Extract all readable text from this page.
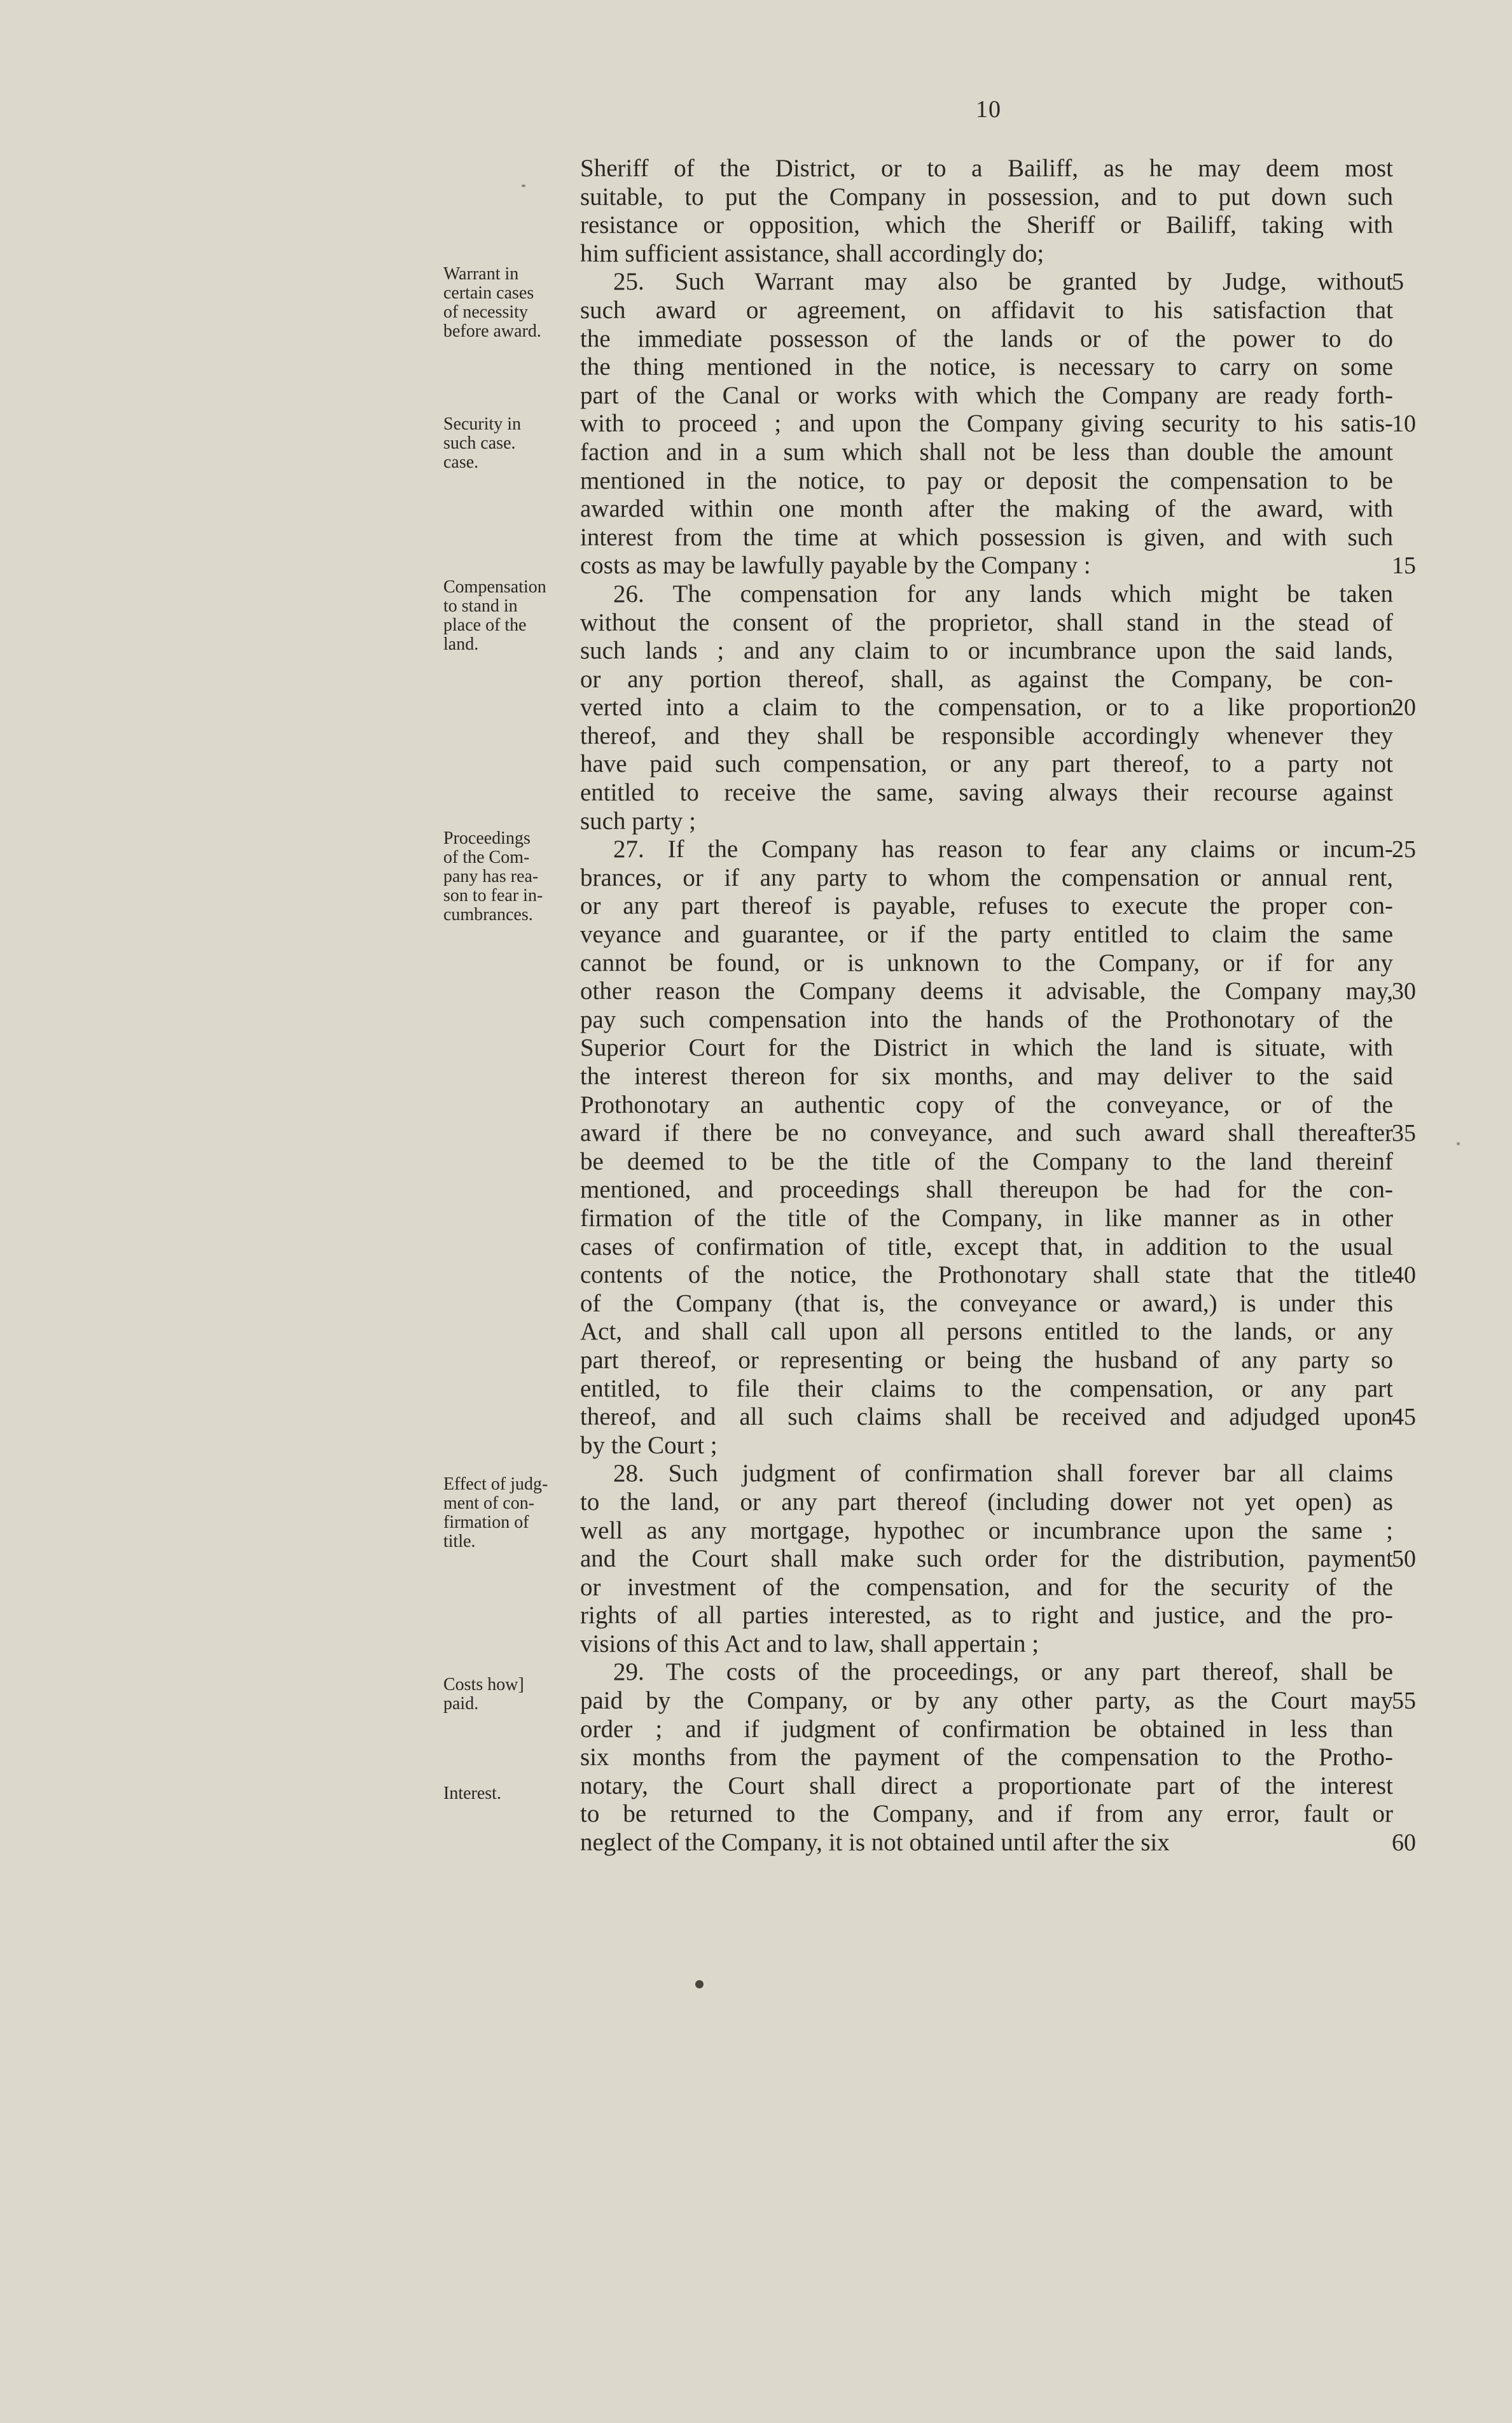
10
Warrant in
certain cases
of necessity
before award.
Security in
such case.
case.
Compensation
to stand in
place of the
land.
Proceedings
of the Com-
pany has rea-
son to fear in-
cumbrances.
Effect of judg-
ment of con-
firmation of
title.
Costs how]
paid.
Interest.
Sheriff of the District, or to a Bailiff, as he may deem most
suitable, to put the Company in possession, and to put down such
resistance or opposition, which the Sheriff or Bailiff, taking with
him sufficient assistance, shall accordingly do;
25. Such Warrant may also be granted by Judge, without
such award or agreement, on affidavit to his satisfaction that
the immediate possesson of the lands or of the power to do
the thing mentioned in the notice, is necessary to carry on some
part of the Canal or works with which the Company are ready forth-
with to proceed ; and upon the Company giving security to his satis-
faction and in a sum which shall not be less than double the amount
mentioned in the notice, to pay or deposit the compensation to be
awarded within one month after the making of the award, with
interest from the time at which possession is given, and with such
costs as may be lawfully payable by the Company :
26. The compensation for any lands which might be taken
without the consent of the proprietor, shall stand in the stead of
such lands ; and any claim to or incumbrance upon the said lands,
or any portion thereof, shall, as against the Company, be con-
verted into a claim to the compensation, or to a like proportion
thereof, and they shall be responsible accordingly whenever they
have paid such compensation, or any part thereof, to a party not
entitled to receive the same, saving always their recourse against
such party ;
27. If the Company has reason to fear any claims or incum-
brances, or if any party to whom the compensation or annual rent,
or any part thereof is payable, refuses to execute the proper con-
veyance and guarantee, or if the party entitled to claim the same
cannot be found, or is unknown to the Company, or if for any
other reason the Company deems it advisable, the Company may,
pay such compensation into the hands of the Prothonotary of the
Superior Court for the District in which the land is situate, with
the interest thereon for six months, and may deliver to the said
Prothonotary an authentic copy of the conveyance, or of the
award if there be no conveyance, and such award shall thereafter
be deemed to be the title of the Company to the land thereinf
mentioned, and proceedings shall thereupon be had for the con-
firmation of the title of the Company, in like manner as in other
cases of confirmation of title, except that, in addition to the usual
contents of the notice, the Prothonotary shall state that the title
of the Company (that is, the conveyance or award,) is under this
Act, and shall call upon all persons entitled to the lands, or any
part thereof, or representing or being the husband of any party so
entitled, to file their claims to the compensation, or any part
thereof, and all such claims shall be received and adjudged upon
by the Court ;
28. Such judgment of confirmation shall forever bar all claims
to the land, or any part thereof (including dower not yet open) as
well as any mortgage, hypothec or incumbrance upon the same ;
and the Court shall make such order for the distribution, payment
or investment of the compensation, and for the security of the
rights of all parties interested, as to right and justice, and the pro-
visions of this Act and to law, shall appertain ;
29. The costs of the proceedings, or any part thereof, shall be
paid by the Company, or by any other party, as the Court may
order ; and if judgment of confirmation be obtained in less than
six months from the payment of the compensation to the Protho-
notary, the Court shall direct a proportionate part of the interest
to be returned to the Company, and if from any error, fault or
neglect of the Company, it is not obtained until after the six
5
10
15
20
25
30
35
40
45
50
55
60
